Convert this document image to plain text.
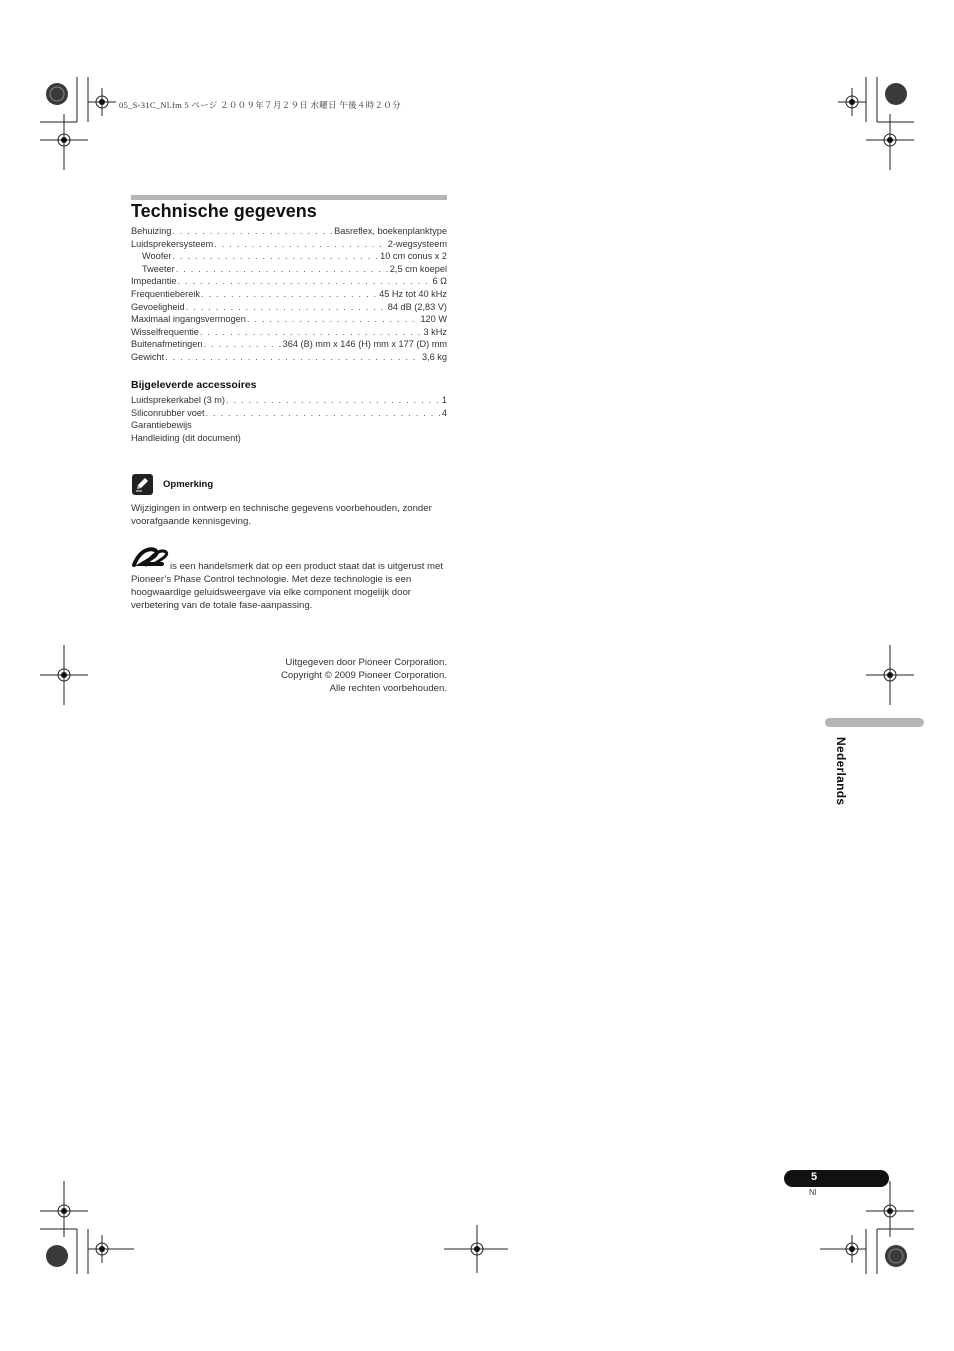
05_S-31C_Nl.fm 5 ページ ２００９年７月２９日 水曜日 午後４時２０分
Technische gegevens
Behuizing . . .	Basreflex, boekenplanktype
Luidsprekersysteem . . .	2-wegsysteem
Woofer . . .	10 cm conus x 2
Tweeter . . .	2,5 cm koepel
Impedantie . . .	6 Ω
Frequentiebereik . . .	45 Hz tot 40 kHz
Gevoeligheid . . .	84 dB (2,83 V)
Maximaal ingangsvermogen . . .	120 W
Wisselfrequentie . . .	3 kHz
Buitenafmetingen . . .	364 (B) mm x 146 (H) mm x 177 (D) mm
Gewicht . . .	3,6 kg
Bijgeleverde accessoires
Luidsprekerkabel (3 m) . . .	1
Siliconrubber voet . . .	4
Garantiebewijs
Handleiding (dit document)
Opmerking
Wijzigingen in ontwerp en technische gegevens voorbehouden, zonder voorafgaande kennisgeving.
is een handelsmerk dat op een product staat dat is uitgerust met Pioneer’s Phase Control technologie. Met deze technologie is een hoogwaardige geluidsweergave via elke component mogelijk door verbetering van de totale fase-aanpassing.
Uitgegeven door Pioneer Corporation.
Copyright © 2009 Pioneer Corporation.
Alle rechten voorbehouden.
Nederlands
5
Nl
